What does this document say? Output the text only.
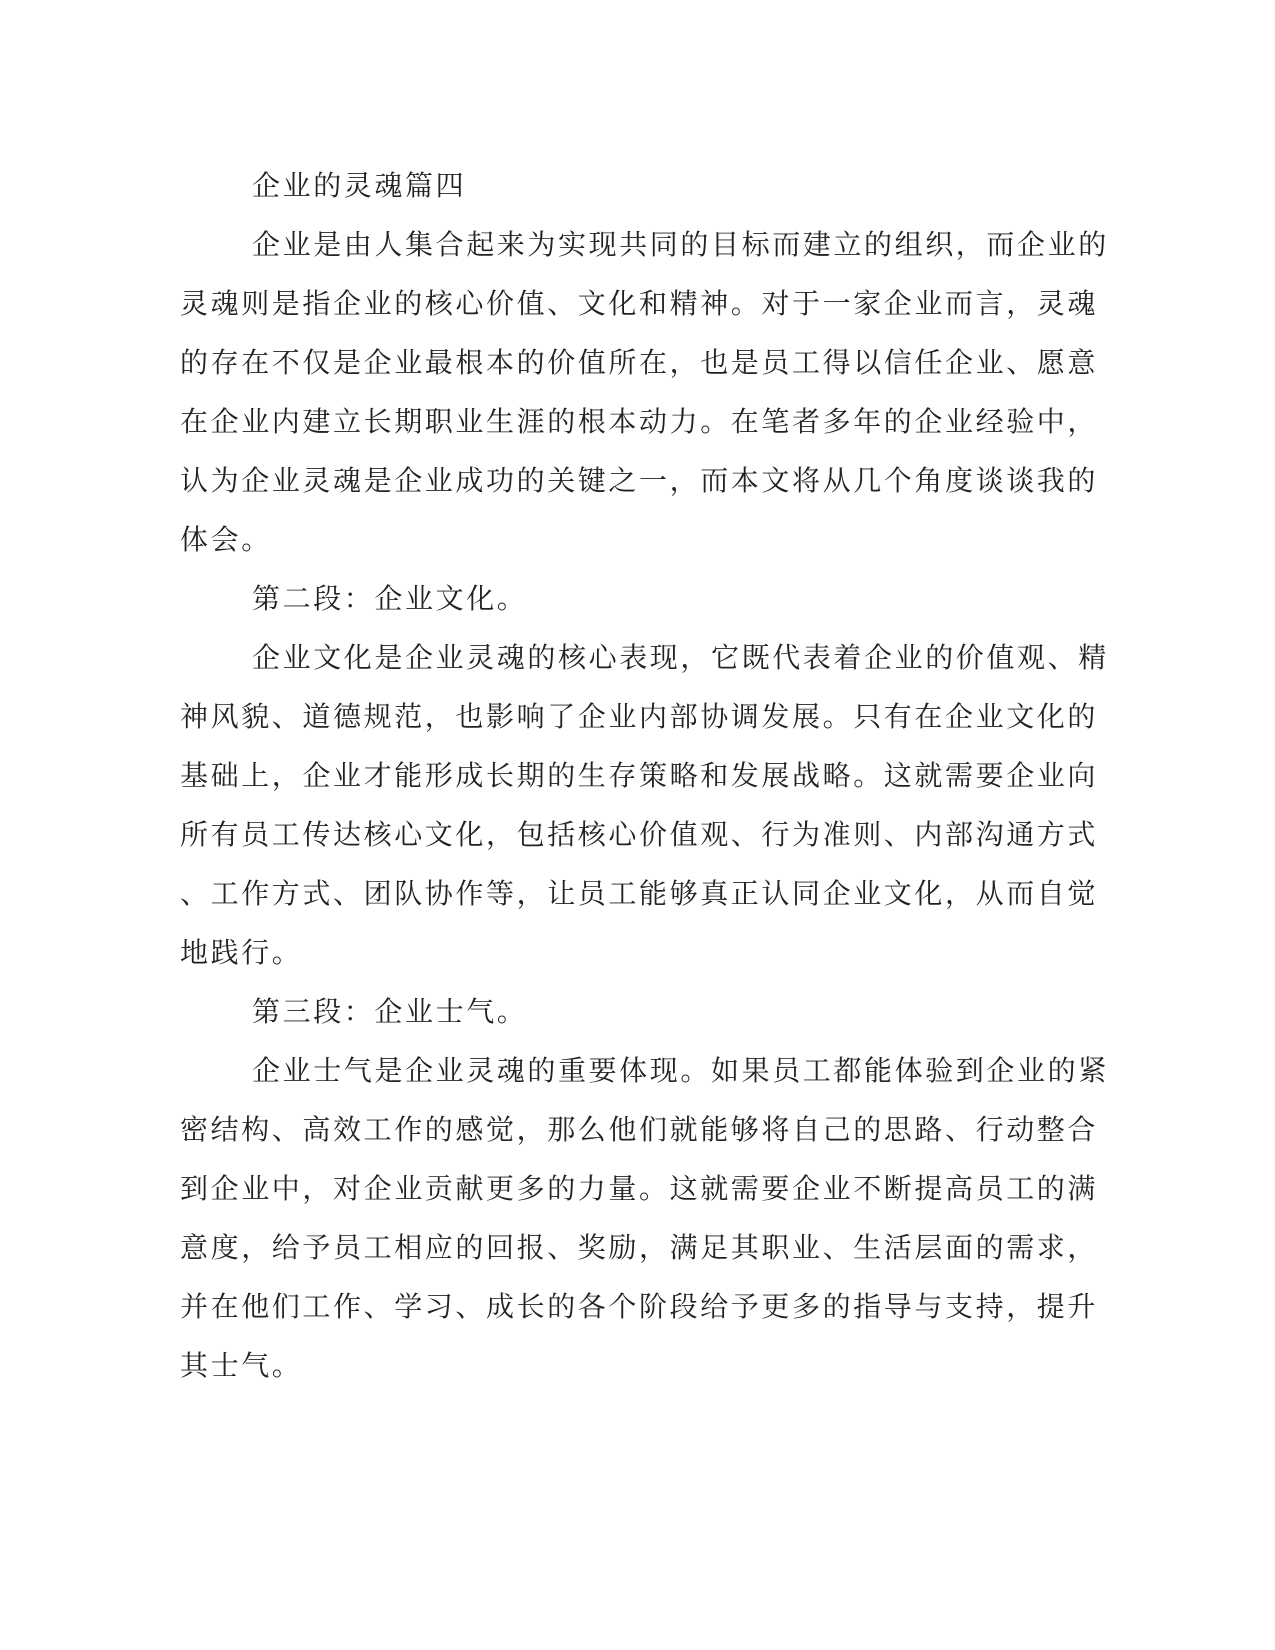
企业的灵魂篇四
企业是由人集合起来为实现共同的目标而建立的组织，而企业的
灵魂则是指企业的核心价值、文化和精神。对于一家企业而言，灵魂
的存在不仅是企业最根本的价值所在，也是员工得以信任企业、愿意
在企业内建立长期职业生涯的根本动力。在笔者多年的企业经验中，
认为企业灵魂是企业成功的关键之一，而本文将从几个角度谈谈我的
体会。
第二段：企业文化。
企业文化是企业灵魂的核心表现，它既代表着企业的价值观、精
神风貌、道德规范，也影响了企业内部协调发展。只有在企业文化的
基础上，企业才能形成长期的生存策略和发展战略。这就需要企业向
所有员工传达核心文化，包括核心价值观、行为准则、内部沟通方式
、工作方式、团队协作等，让员工能够真正认同企业文化，从而自觉
地践行。
第三段：企业士气。
企业士气是企业灵魂的重要体现。如果员工都能体验到企业的紧
密结构、高效工作的感觉，那么他们就能够将自己的思路、行动整合
到企业中，对企业贡献更多的力量。这就需要企业不断提高员工的满
意度，给予员工相应的回报、奖励，满足其职业、生活层面的需求，
并在他们工作、学习、成长的各个阶段给予更多的指导与支持，提升
其士气。
